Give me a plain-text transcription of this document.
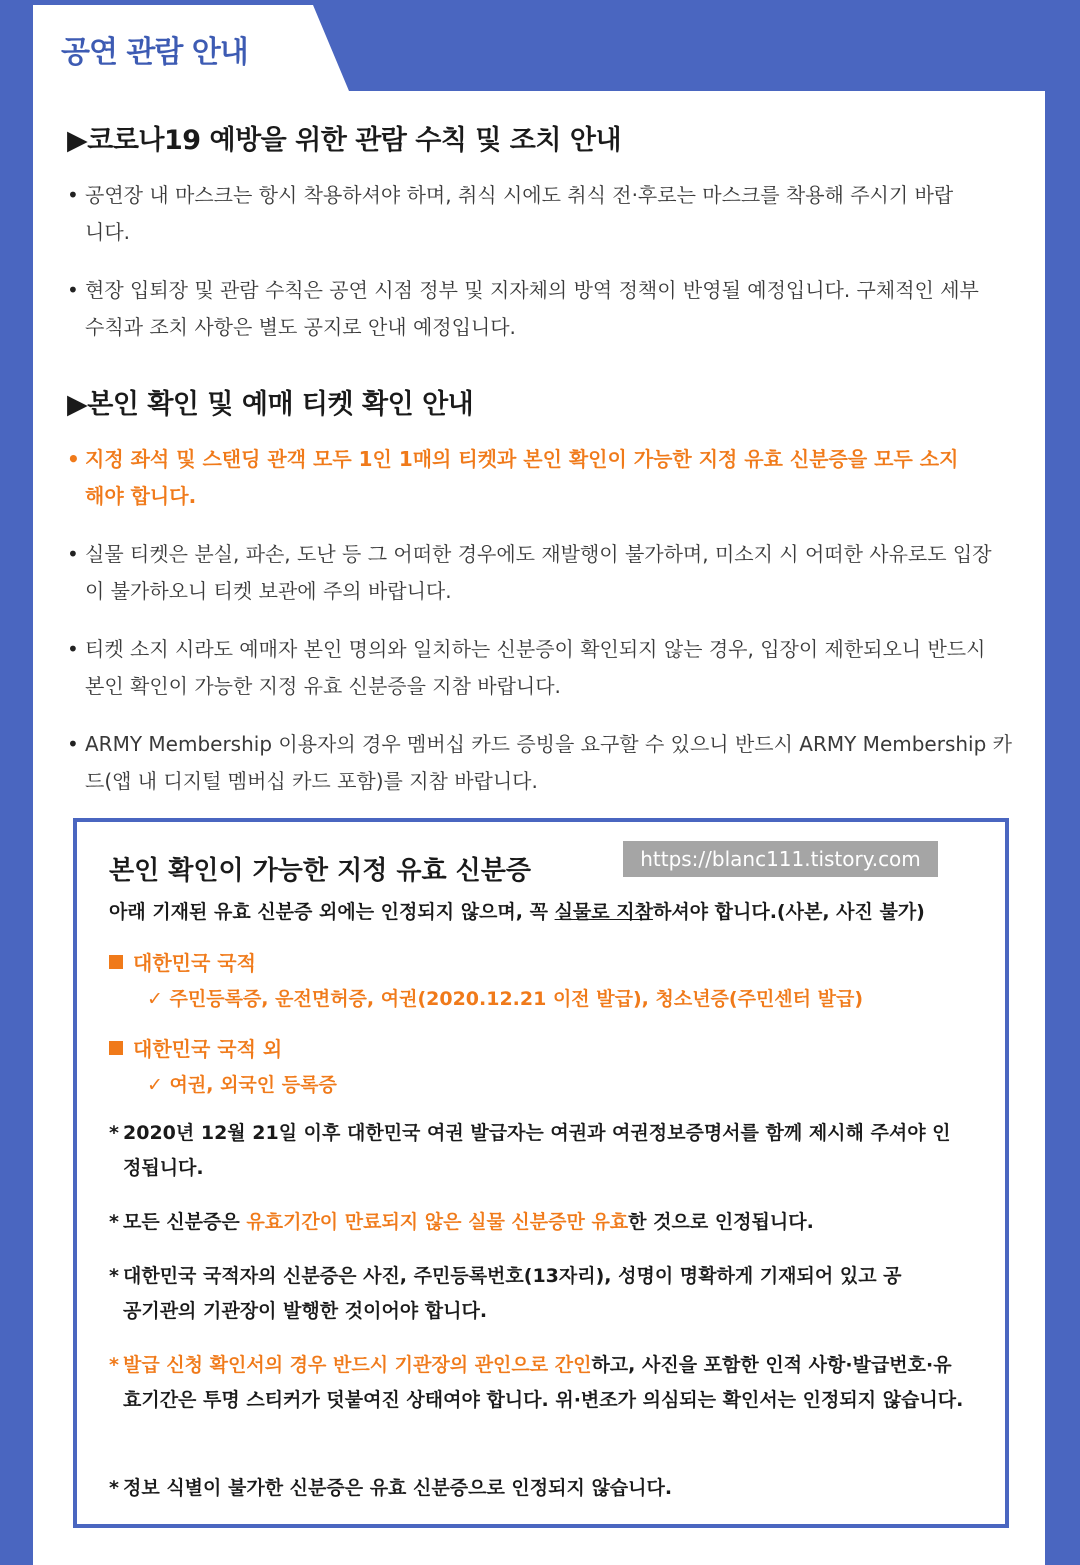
공연 관람 안내
▶코로나19 예방을 위한 관람 수칙 및 조치 안내
• 공연장 내 마스크는 항시 착용하셔야 하며, 취식 시에도 취식 전·후로는 마스크를 착용해 주시기 바랍니다.
• 현장 입퇴장 및 관람 수칙은 공연 시점 정부 및 지자체의 방역 정책이 반영될 예정입니다. 구체적인 세부 수칙과 조치 사항은 별도 공지로 안내 예정입니다.
▶본인 확인 및 예매 티켓 확인 안내
• 지정 좌석 및 스탠딩 관객 모두 1인 1매의 티켓과 본인 확인이 가능한 지정 유효 신분증을 모두 소지해야 합니다.
• 실물 티켓은 분실, 파손, 도난 등 그 어떠한 경우에도 재발행이 불가하며, 미소지 시 어떠한 사유로도 입장이 불가하오니 티켓 보관에 주의 바랍니다.
• 티켓 소지 시라도 예매자 본인 명의와 일치하는 신분증이 확인되지 않는 경우, 입장이 제한되오니 반드시 본인 확인이 가능한 지정 유효 신분증을 지참 바랍니다.
• ARMY Membership 이용자의 경우 멤버십 카드 증빙을 요구할 수 있으니 반드시 ARMY Membership 카드(앱 내 디지털 멤버십 카드 포함)를 지참 바랍니다.
https://blanc111.tistory.com
본인 확인이 가능한 지정 유효 신분증
아래 기재된 유효 신분증 외에는 인정되지 않으며, 꼭 실물로 지참하셔야 합니다.(사본, 사진 불가)
대한민국 국적
✓ 주민등록증, 운전면허증, 여권(2020.12.21 이전 발급), 청소년증(주민센터 발급)
대한민국 국적 외
✓ 여권, 외국인 등록증
* 2020년 12월 21일 이후 대한민국 여권 발급자는 여권과 여권정보증명서를 함께 제시해 주셔야 인정됩니다.
* 모든 신분증은 유효기간이 만료되지 않은 실물 신분증만 유효한 것으로 인정됩니다.
* 대한민국 국적자의 신분증은 사진, 주민등록번호(13자리), 성명이 명확하게 기재되어 있고 공공기관의 기관장이 발행한 것이어야 합니다.
* 발급 신청 확인서의 경우 반드시 기관장의 관인으로 간인하고, 사진을 포함한 인적 사항·발급번호·유효기간은 투명 스티커가 덧붙여진 상태여야 합니다. 위·변조가 의심되는 확인서는 인정되지 않습니다.
* 정보 식별이 불가한 신분증은 유효 신분증으로 인정되지 않습니다.
